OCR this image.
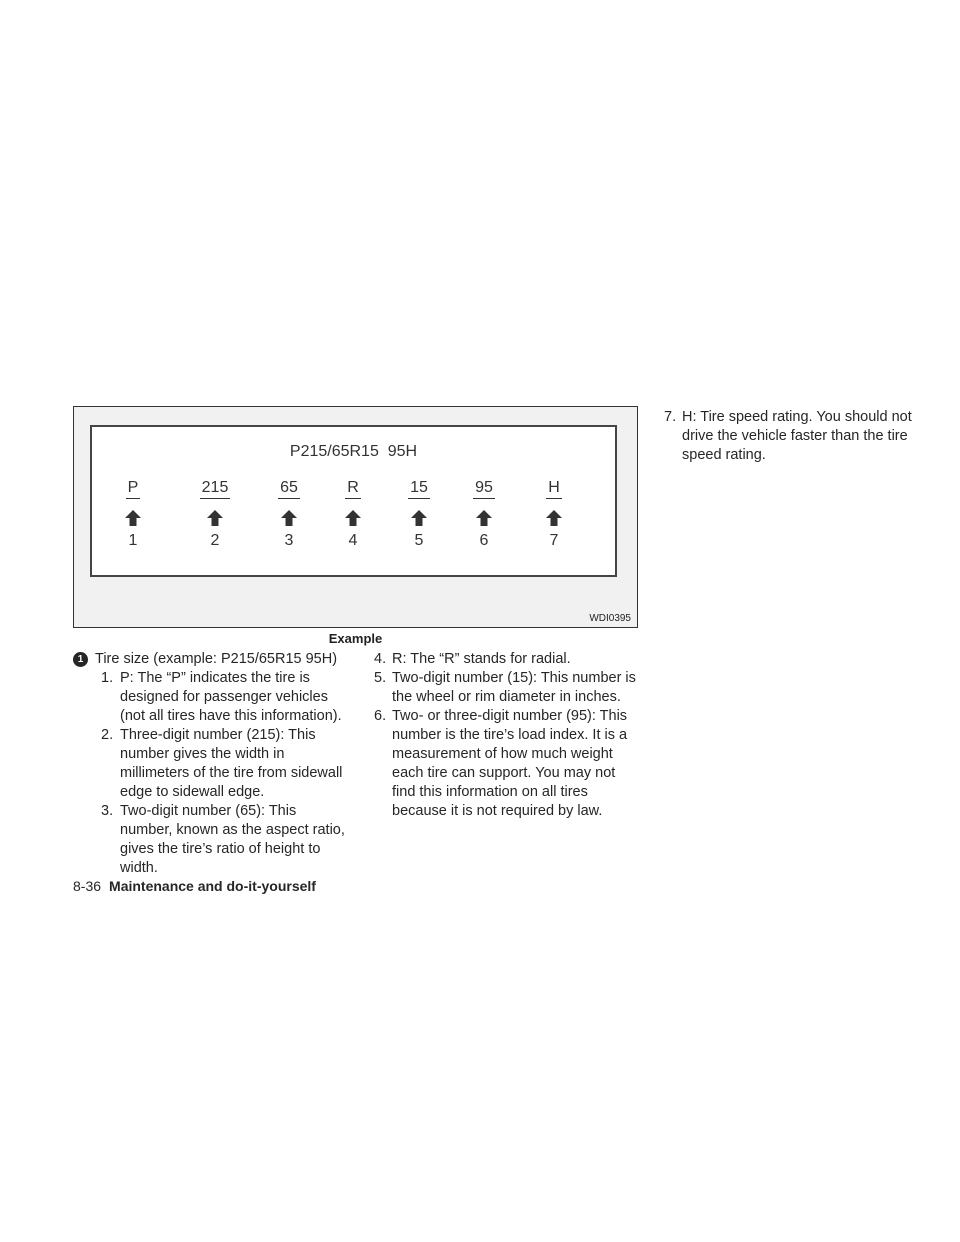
P215/65R15  95H
P
1
215
2
65
3
R
4
15
5
95
6
H
7
WDI0395
Example

1 Tire size (example: P215/65R15 95H)

1. P: The “P” indicates the tire is designed for passenger vehicles (not all tires have this information).

2. Three-digit number (215): This number gives the width in millimeters of the tire from sidewall edge to sidewall edge.

3. Two-digit number (65): This number, known as the aspect ratio, gives the tire’s ratio of height to width.

4. R: The “R” stands for radial.

5. Two-digit number (15): This number is the wheel or rim diameter in inches.

6. Two- or three-digit number (95): This number is the tire’s load index. It is a measurement of how much weight each tire can support. You may not find this information on all tires because it is not required by law.

7. H: Tire speed rating. You should not drive the vehicle faster than the tire speed rating.

8-36 Maintenance and do-it-yourself
